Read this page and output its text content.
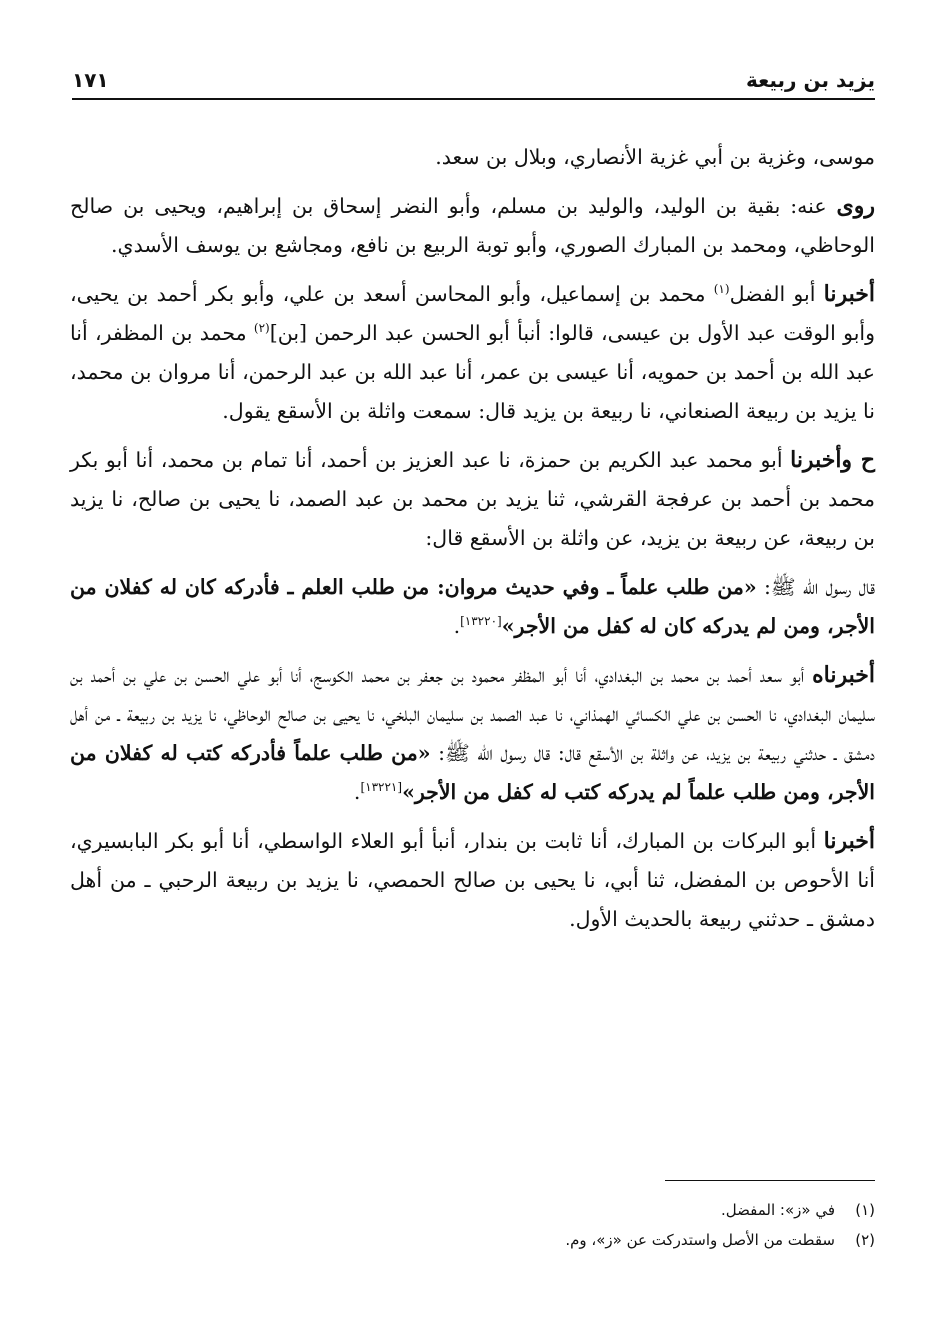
يزيد بن ربيعة
١٧١

موسى، وغزية بن أبي غزية الأنصاري، وبلال بن سعد.

روى عنه: بقية بن الوليد، والوليد بن مسلم، وأبو النضر إسحاق بن إبراهيم، ويحيى بن صالح الوحاظي، ومحمد بن المبارك الصوري، وأبو توبة الربيع بن نافع، ومجاشع بن يوسف الأسدي.

أخبرنا أبو الفضل$^{(١)}$ محمد بن إسماعيل، وأبو المحاسن أسعد بن علي، وأبو بكر أحمد بن يحيى، وأبو الوقت عبد الأول بن عيسى، قالوا: أنبأ أبو الحسن عبد الرحمن [بن]$^{(٢)}$ محمد بن المظفر، أنا عبد الله بن أحمد بن حمويه، أنا عيسى بن عمر، أنا عبد الله بن عبد الرحمن، أنا مروان بن محمد، نا يزيد بن ربيعة الصنعاني، نا ربيعة بن يزيد قال: سمعت واثلة بن الأسقع يقول.

ح وأخبرنا أبو محمد عبد الكريم بن حمزة، نا عبد العزيز بن أحمد، أنا تمام بن محمد، أنا أبو بكر محمد بن أحمد بن عرفجة القرشي، ثنا يزيد بن محمد بن عبد الصمد، نا يحيى بن صالح، نا يزيد بن ربيعة، عن ربيعة بن يزيد، عن واثلة بن الأسقع قال:

قال رسول الله ﷺ: «من طلب علماً ـ وفي حديث مروان: من طلب العلم ـ فأدركه كان له كفلان من الأجر، ومن لم يدركه كان له كفل من الأجر»[١٣٢٢٠].

أخبرناه أبو سعد أحمد بن محمد بن البغدادي، أنا أبو المظفر محمود بن جعفر بن محمد الكوسج، أنا أبو علي الحسن بن علي بن أحمد بن سليمان البغدادي، نا الحسن بن علي الكسائي الهمذاني، نا عبد الصمد بن سليمان البلخي، نا يحيى بن صالح الوحاظي، نا يزيد بن ربيعة ـ من أهل دمشق ـ حدثني ربيعة بن يزيد، عن واثلة بن الأسقع قال: قال رسول الله ﷺ: «من طلب علماً فأدركه كتب له كفلان من الأجر، ومن طلب علماً لم يدركه كتب له كفل من الأجر»[١٣٢٢١].

أخبرنا أبو البركات بن المبارك، أنا ثابت بن بندار، أنبأ أبو العلاء الواسطي، أنا أبو بكر البابسيري، أنا الأحوص بن المفضل، ثنا أبي، نا يحيى بن صالح الحمصي، نا يزيد بن ربيعة الرحبي ـ من أهل دمشق ـ حدثني ربيعة بالحديث الأول.

(١)
في «ز»: المفضل.
(٢)
سقطت من الأصل واستدركت عن «ز»، وم.
